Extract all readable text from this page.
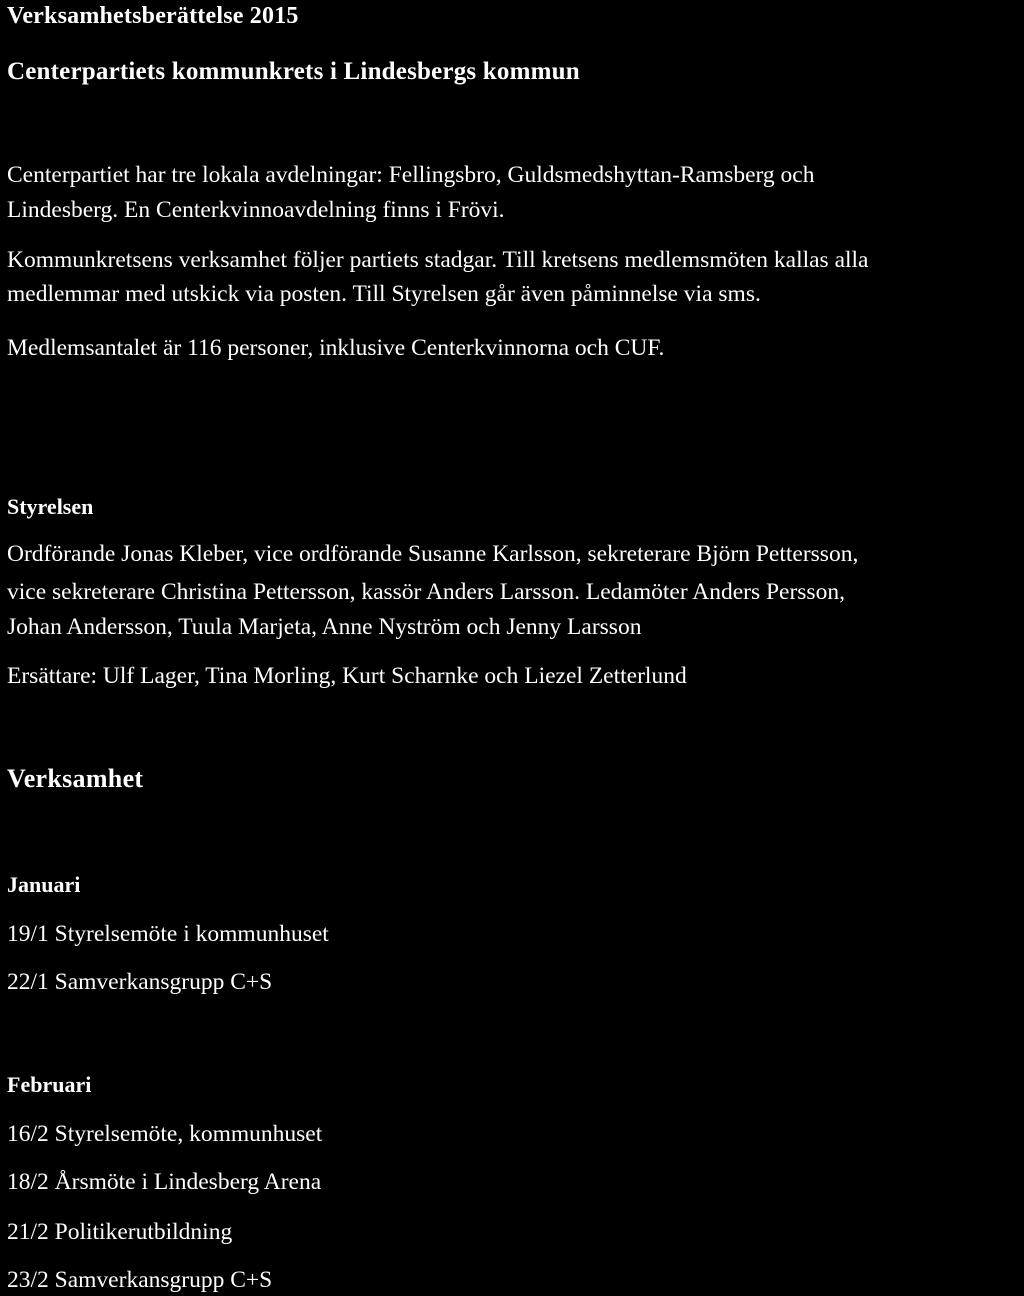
Verksamhetsberättelse 2015
Centerpartiets kommunkrets i Lindesbergs kommun
Centerpartiet har tre lokala avdelningar: Fellingsbro, Guldsmedshyttan-Ramsberg och
Lindesberg. En Centerkvinnoavdelning finns i Frövi.
Kommunkretsens verksamhet följer partiets stadgar. Till kretsens medlemsmöten kallas alla
medlemmar med utskick via posten. Till Styrelsen går även påminnelse via sms.
Medlemsantalet är 116 personer, inklusive Centerkvinnorna och CUF.
Styrelsen
Ordförande Jonas Kleber, vice ordförande Susanne Karlsson, sekreterare Björn Pettersson,
vice sekreterare Christina Pettersson, kassör Anders Larsson. Ledamöter Anders Persson,
Johan Andersson, Tuula Marjeta, Anne Nyström och Jenny Larsson
Ersättare: Ulf Lager, Tina Morling, Kurt Scharnke och Liezel Zetterlund
Verksamhet
Januari
19/1 Styrelsemöte i kommunhuset
22/1 Samverkansgrupp C+S
Februari
16/2 Styrelsemöte, kommunhuset
18/2 Årsmöte i Lindesberg Arena
21/2 Politikerutbildning
23/2 Samverkansgrupp C+S
